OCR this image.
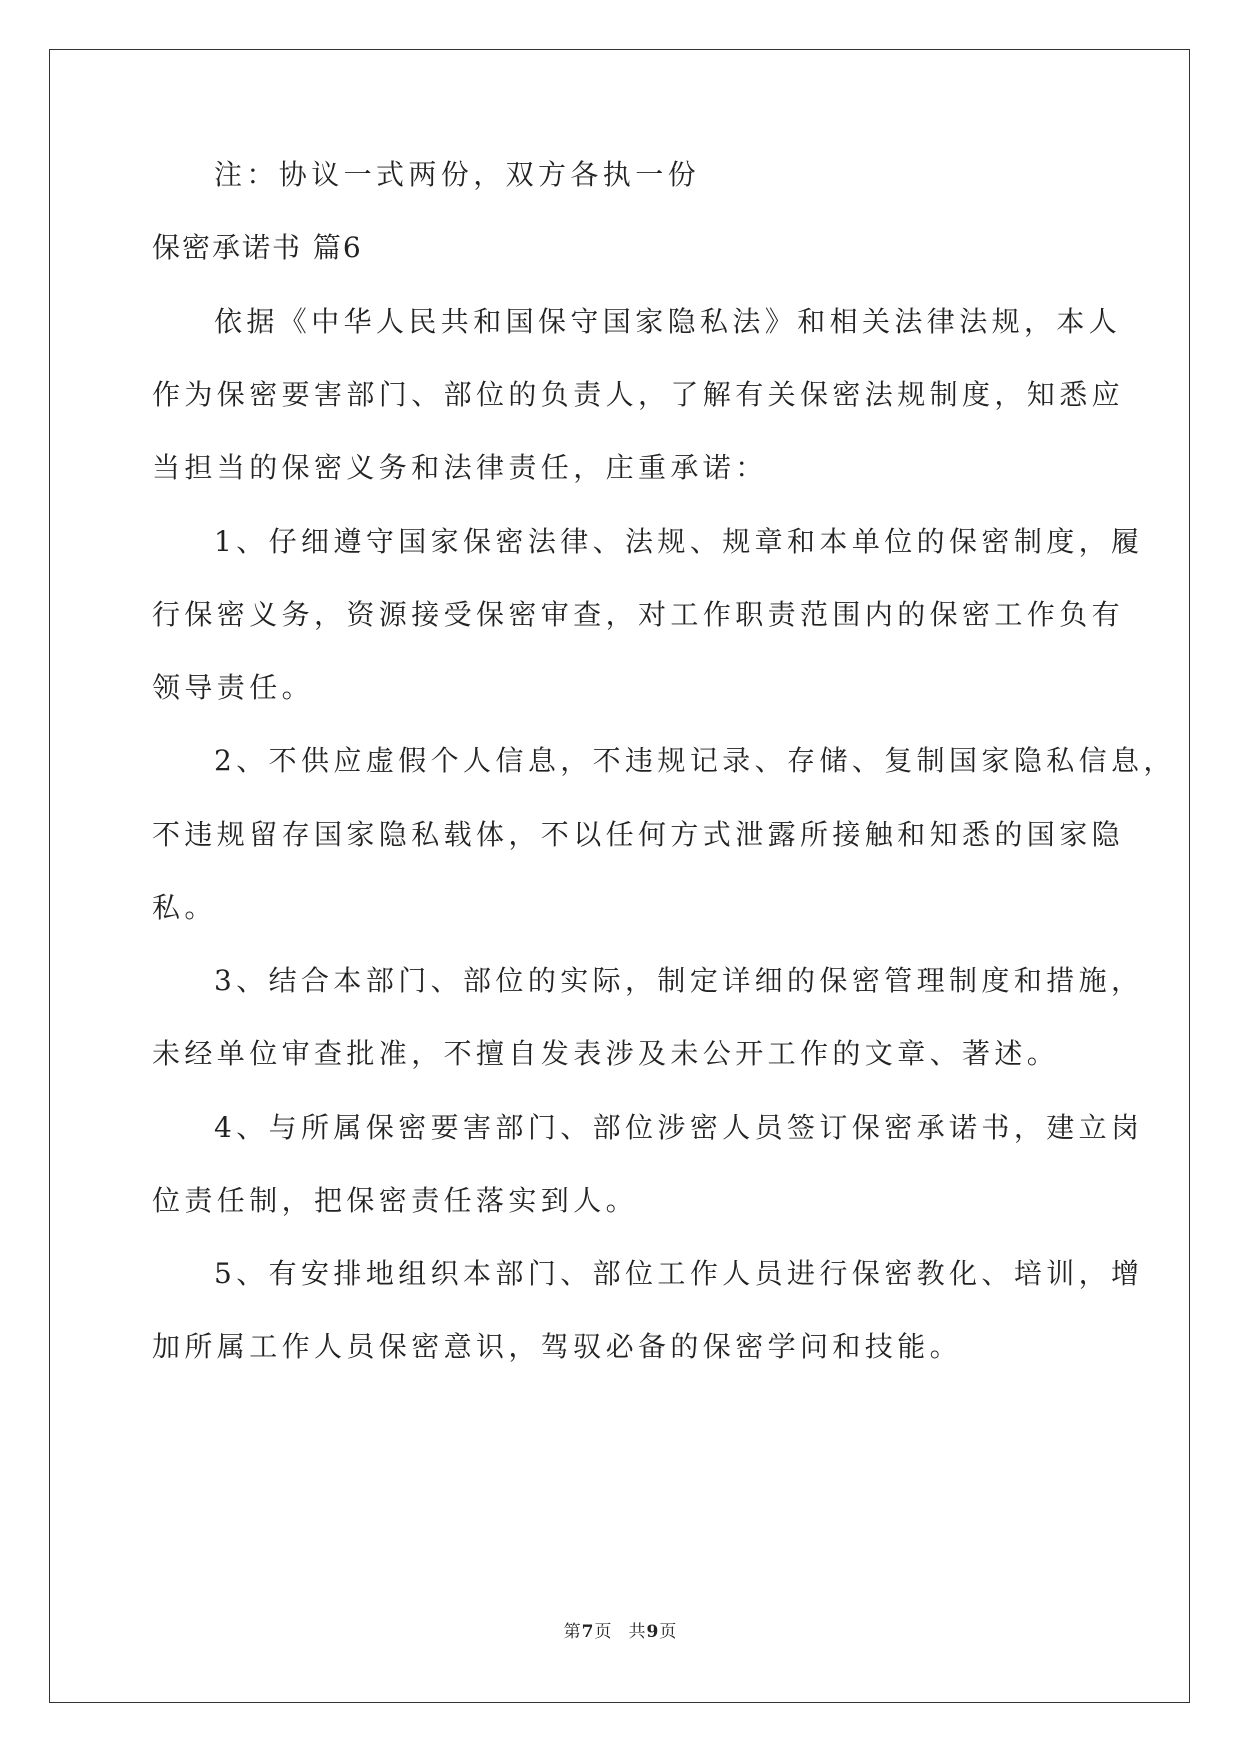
注：协议一式两份，双方各执一份
保密承诺书 篇6
依据《中华人民共和国保守国家隐私法》和相关法律法规，本人
作为保密要害部门、部位的负责人，了解有关保密法规制度，知悉应
当担当的保密义务和法律责任，庄重承诺：
1、仔细遵守国家保密法律、法规、规章和本单位的保密制度，履
行保密义务，资源接受保密审查，对工作职责范围内的保密工作负有
领导责任。
2、不供应虚假个人信息，不违规记录、存储、复制国家隐私信息，
不违规留存国家隐私载体，不以任何方式泄露所接触和知悉的国家隐
私。
3、结合本部门、部位的实际，制定详细的保密管理制度和措施，
未经单位审查批准，不擅自发表涉及未公开工作的文章、著述。
4、与所属保密要害部门、部位涉密人员签订保密承诺书，建立岗
位责任制，把保密责任落实到人。
5、有安排地组织本部门、部位工作人员进行保密教化、培训，增
加所属工作人员保密意识，驾驭必备的保密学问和技能。
第7页 共9页
